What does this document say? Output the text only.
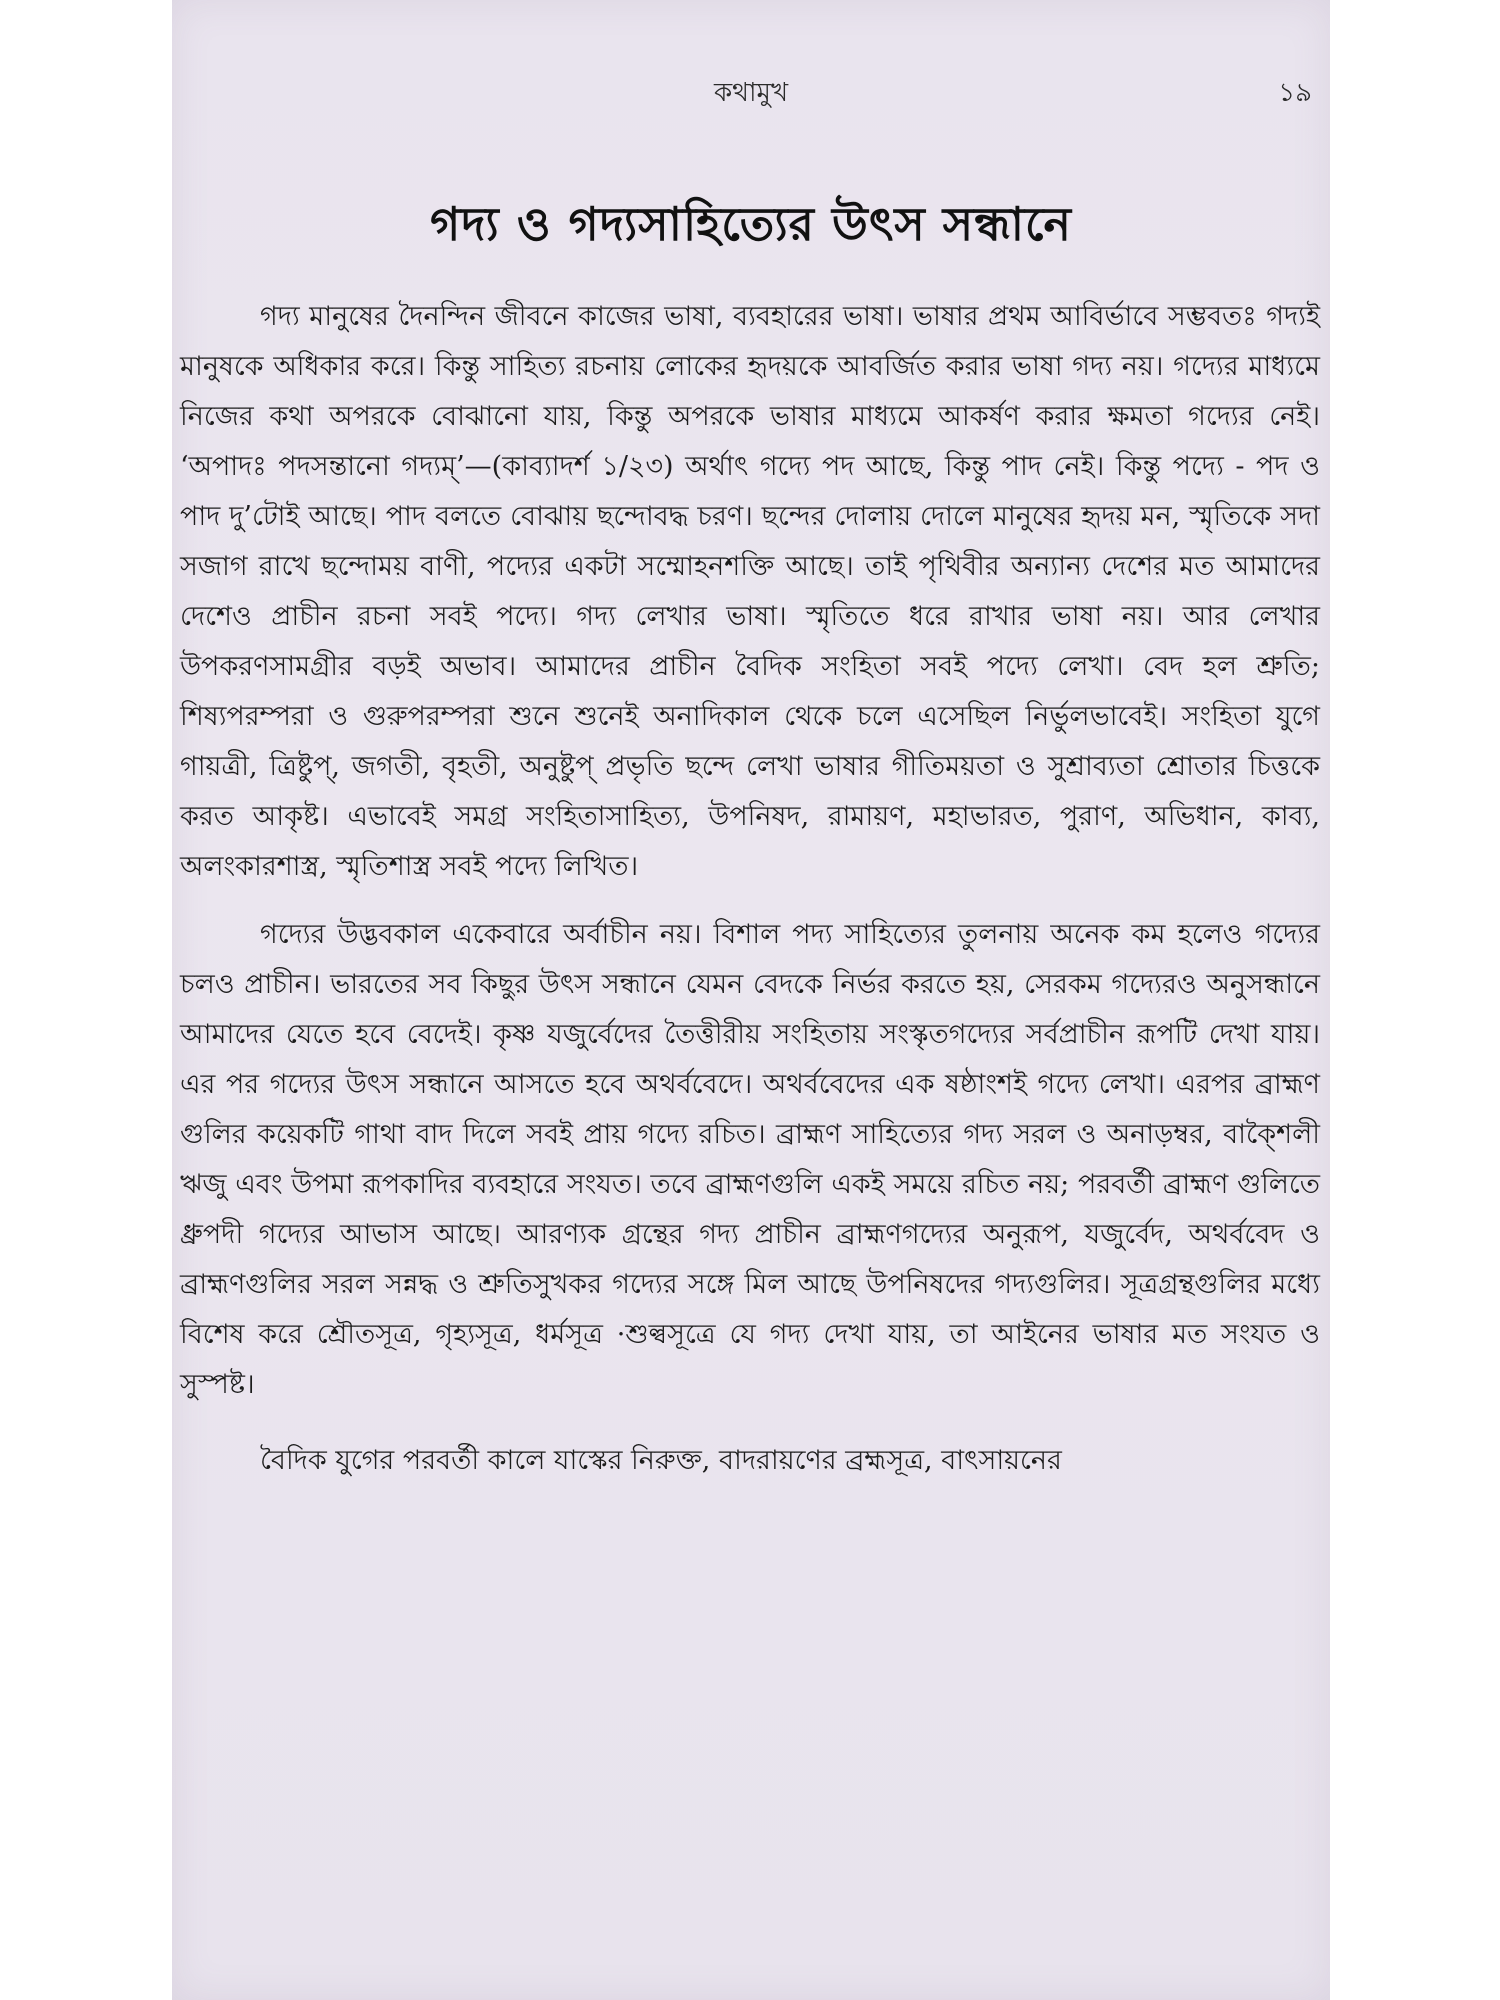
কথামুখ	১৯
গদ্য ও গদ্যসাহিত্যের উৎস সন্ধানে

গদ্য মানুষের দৈনন্দিন জীবনে কাজের ভাষা, ব্যবহারের ভাষা। ভাষার প্রথম আবির্ভাবে সম্ভবতঃ গদ্যই মানুষকে অধিকার করে। কিন্তু সাহিত্য রচনায় লোকের হৃদয়কে আবর্জিত করার ভাষা গদ্য নয়। গদ্যের মাধ্যমে নিজের কথা অপরকে বোঝানো যায়, কিন্তু অপরকে ভাষার মাধ্যমে আকর্ষণ করার ক্ষমতা গদ্যের নেই। ‘অপাদঃ পদসন্তানো গদ্যম্’—(কাব্যাদর্শ ১/২৩) অর্থাৎ গদ্যে পদ আছে, কিন্তু পাদ নেই। কিন্তু পদ্যে - পদ ও পাদ দু’টোই আছে। পাদ বলতে বোঝায় ছন্দোবদ্ধ চরণ। ছন্দের দোলায় দোলে মানুষের হৃদয় মন, স্মৃতিকে সদা সজাগ রাখে ছন্দোময় বাণী, পদ্যের একটা সম্মোহনশক্তি আছে। তাই পৃথিবীর অন্যান্য দেশের মত আমাদের দেশেও প্রাচীন রচনা সবই পদ্যে। গদ্য লেখার ভাষা। স্মৃতিতে ধরে রাখার ভাষা নয়। আর লেখার উপকরণসামগ্রীর বড়ই অভাব। আমাদের প্রাচীন বৈদিক সংহিতা সবই পদ্যে লেখা। বেদ হল শ্রুতি; শিষ্যপরম্পরা ও গুরুপরম্পরা শুনে শুনেই অনাদিকাল থেকে চলে এসেছিল নির্ভুলভাবেই। সংহিতা যুগে গায়ত্রী, ত্রিষ্টুপ্, জগতী, বৃহতী, অনুষ্টুপ্ প্রভৃতি ছন্দে লেখা ভাষার গীতিময়তা ও সুশ্রাব্যতা শ্রোতার চিত্তকে করত আকৃষ্ট। এভাবেই সমগ্র সংহিতাসাহিত্য, উপনিষদ, রামায়ণ, মহাভারত, পুরাণ, অভিধান, কাব্য, অলংকারশাস্ত্র, স্মৃতিশাস্ত্র সবই পদ্যে লিখিত।

গদ্যের উদ্ভবকাল একেবারে অর্বাচীন নয়। বিশাল পদ্য সাহিত্যের তুলনায় অনেক কম হলেও গদ্যের চলও প্রাচীন। ভারতের সব কিছুর উৎস সন্ধানে যেমন বেদকে নির্ভর করতে হয়, সেরকম গদ্যেরও অনুসন্ধানে আমাদের যেতে হবে বেদেই। কৃষ্ণ যজুর্বেদের তৈত্তীরীয় সংহিতায় সংস্কৃতগদ্যের সর্বপ্রাচীন রূপটি দেখা যায়। এর পর গদ্যের উৎস সন্ধানে আসতে হবে অথর্ববেদে। অথর্ববেদের এক ষষ্ঠাংশই গদ্যে লেখা। এরপর ব্রাহ্মণ গুলির কয়েকটি গাথা বাদ দিলে সবই প্রায় গদ্যে রচিত। ব্রাহ্মণ সাহিত্যের গদ্য সরল ও অনাড়ম্বর, বাক্শৈলী ঋজু এবং উপমা রূপকাদির ব্যবহারে সংযত। তবে ব্রাহ্মণগুলি একই সময়ে রচিত নয়; পরবর্তী ব্রাহ্মণ গুলিতে ধ্রুপদী গদ্যের আভাস আছে। আরণ্যক গ্রন্থের গদ্য প্রাচীন ব্রাহ্মণগদ্যের অনুরূপ, যজুর্বেদ, অথর্ববেদ ও ব্রাহ্মণগুলির সরল সন্নদ্ধ ও শ্রুতিসুখকর গদ্যের সঙ্গে মিল আছে উপনিষদের গদ্যগুলির। সূত্রগ্রন্থগুলির মধ্যে বিশেষ করে শ্রৌতসূত্র, গৃহ্যসূত্র, ধর্মসূত্র ·শুল্বসূত্রে যে গদ্য দেখা যায়, তা আইনের ভাষার মত সংযত ও সুস্পষ্ট।

বৈদিক যুগের পরবর্তী কালে যাস্কের নিরুক্ত, বাদরায়ণের ব্রহ্মসূত্র, বাৎসায়নের
